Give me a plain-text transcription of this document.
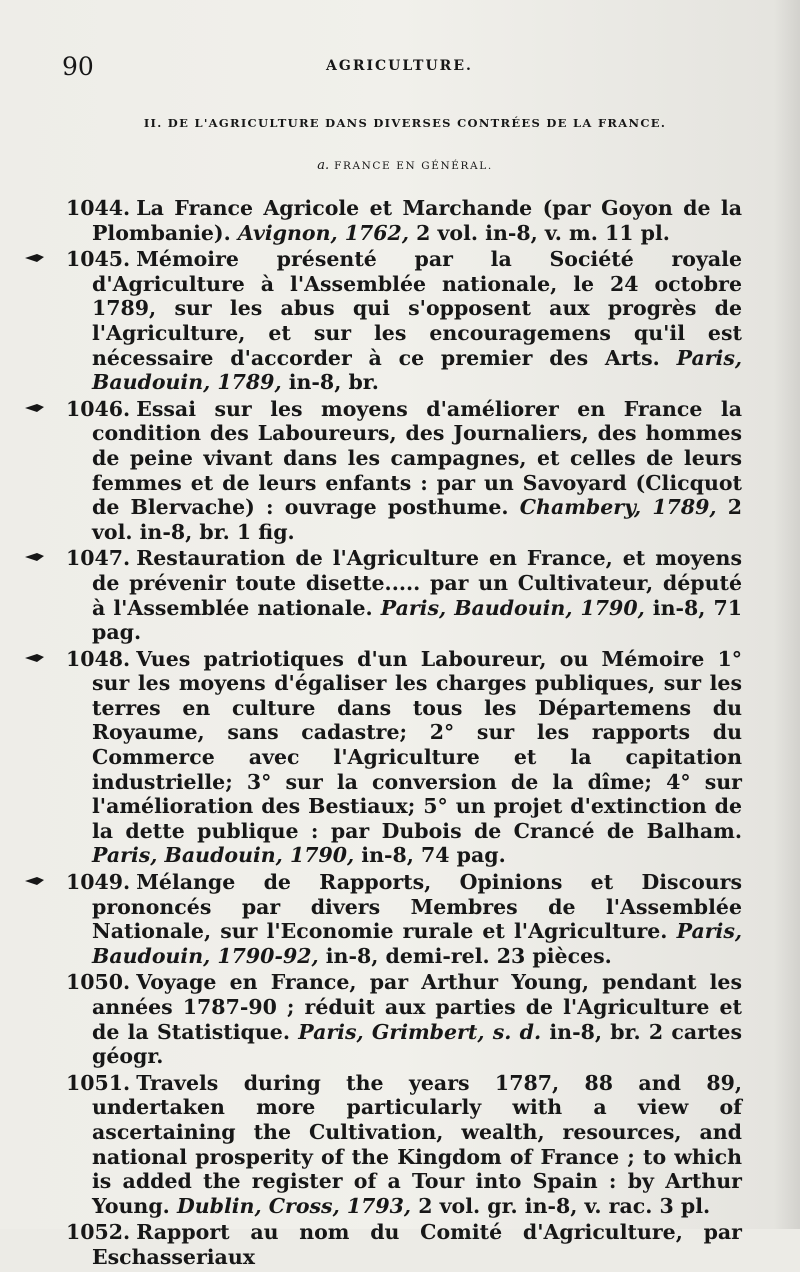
90	AGRICULTURE.
II. DE L'AGRICULTURE DANS DIVERSES CONTRÉES DE LA FRANCE.
a. FRANCE EN GÉNÉRAL.
1044. La France Agricole et Marchande (par Goyon de la Plombanie). Avignon, 1762, 2 vol. in-8, v. m. 11 pl.
1045. Mémoire présenté par la Société royale d'Agriculture à l'Assemblée nationale, le 24 octobre 1789, sur les abus qui s'opposent aux progrès de l'Agriculture, et sur les encouragemens qu'il est nécessaire d'accorder à ce premier des Arts. Paris, Baudouin, 1789, in-8, br.
1046. Essai sur les moyens d'améliorer en France la condition des Laboureurs, des Journaliers, des hommes de peine vivant dans les campagnes, et celles de leurs femmes et de leurs enfants : par un Savoyard (Clicquot de Blervache) : ouvrage posthume. Chambery, 1789, 2 vol. in-8, br. 1 fig.
1047. Restauration de l'Agriculture en France, et moyens de prévenir toute disette..... par un Cultivateur, député à l'Assemblée nationale. Paris, Baudouin, 1790, in-8, 71 pag.
1048. Vues patriotiques d'un Laboureur, ou Mémoire 1° sur les moyens d'égaliser les charges publiques, sur les terres en culture dans tous les Départemens du Royaume, sans cadastre; 2° sur les rapports du Commerce avec l'Agriculture et la capitation industrielle; 3° sur la conversion de la dîme; 4° sur l'amélioration des Bestiaux; 5° un projet d'extinction de la dette publique : par Dubois de Crancé de Balham. Paris, Baudouin, 1790, in-8, 74 pag.
1049. Mélange de Rapports, Opinions et Discours prononcés par divers Membres de l'Assemblée Nationale, sur l'Economie rurale et l'Agriculture. Paris, Baudouin, 1790-92, in-8, demi-rel. 23 pièces.
1050. Voyage en France, par Arthur Young, pendant les années 1787-90 ; réduit aux parties de l'Agriculture et de la Statistique. Paris, Grimbert, s. d. in-8, br. 2 cartes géogr.
1051. Travels during the years 1787, 88 and 89, undertaken more particularly with a view of ascertaining the Cultivation, wealth, resources, and national prosperity of the Kingdom of France ; to which is added the register of a Tour into Spain : by Arthur Young. Dublin, Cross, 1793, 2 vol. gr. in-8, v. rac. 3 pl.
1052. Rapport au nom du Comité d'Agriculture, par Eschasseriaux
